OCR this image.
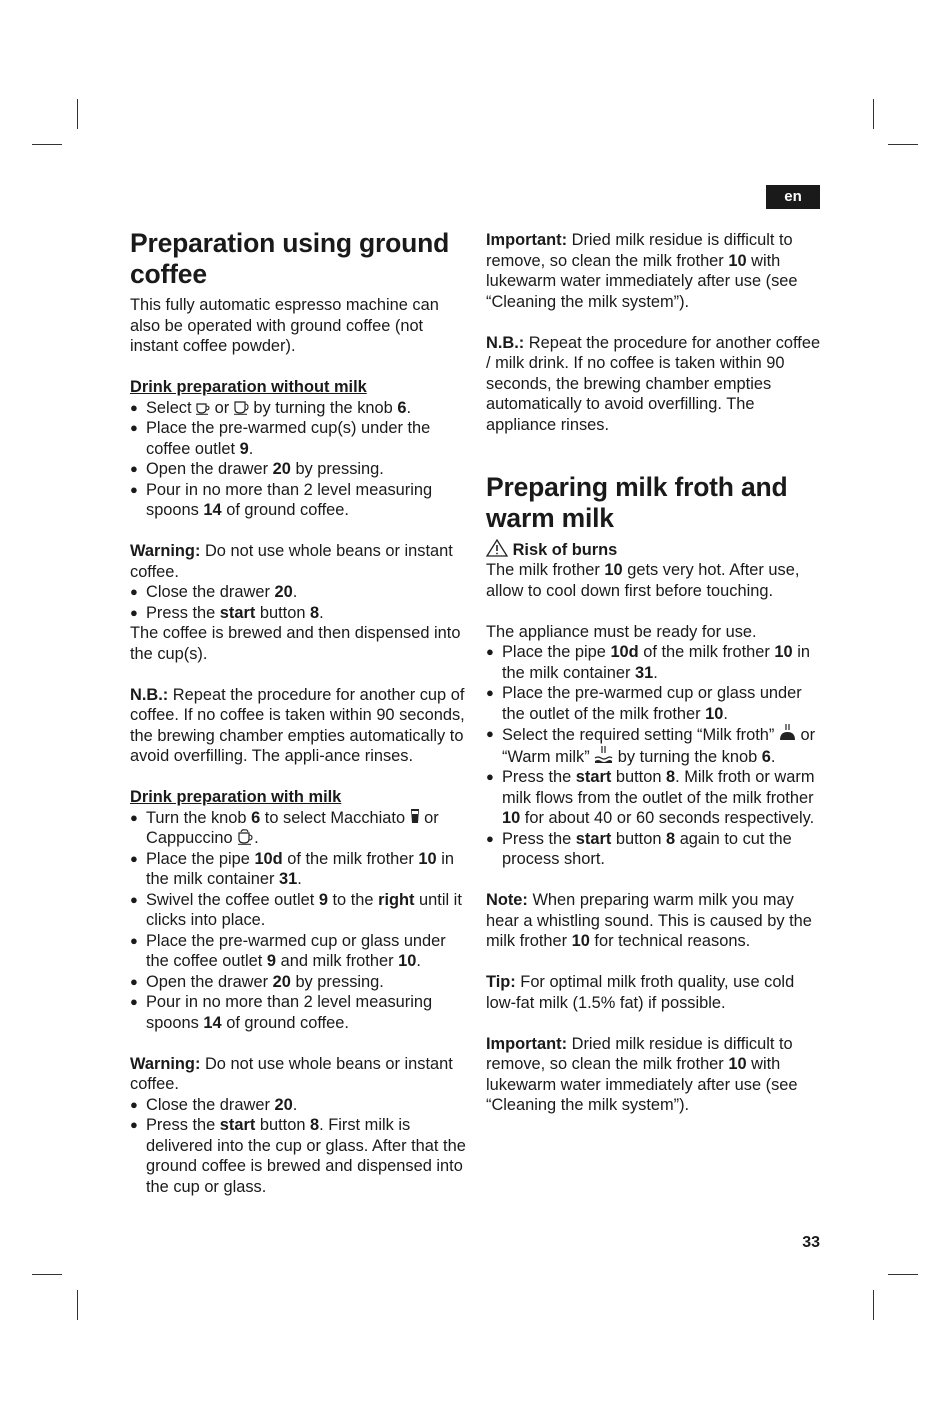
en
Preparation using ground coffee

This fully automatic espresso machine can also be operated with ground coffee (not instant coffee powder).

Drink preparation without milk

● Select  or  by turning the knob 6.
● Place the pre-warmed cup(s) under the coffee outlet 9.
● Open the drawer 20 by pressing.
● Pour in no more than 2 level measuring spoons 14 of ground coffee.

Warning: Do not use whole beans or instant coffee.

● Close the drawer 20.
● Press the start button 8.

The coffee is brewed and then dispensed into the cup(s).

N.B.: Repeat the procedure for another cup of coffee. If no coffee is taken within 90 seconds, the brewing chamber empties automatically to avoid overfilling. The appli-ance rinses.

Drink preparation with milk

● Turn the knob 6 to select Macchiato  or Cappuccino .
● Place the pipe 10d of the milk frother 10 in the milk container 31.
● Swivel the coffee outlet 9 to the right until it clicks into place.
● Place the pre-warmed cup or glass under the coffee outlet 9 and milk frother 10.
● Open the drawer 20 by pressing.
● Pour in no more than 2 level measuring spoons 14 of ground coffee.

Warning: Do not use whole beans or instant coffee.

● Close the drawer 20.
● Press the start button 8. First milk is delivered into the cup or glass. After that the ground coffee is brewed and dispensed into the cup or glass.

Important: Dried milk residue is difficult to remove, so clean the milk frother 10 with lukewarm water immediately after use (see “Cleaning the milk system”).

N.B.: Repeat the procedure for another coffee / milk drink. If no coffee is taken within 90 seconds, the brewing chamber empties automatically to avoid overfilling. The appliance rinses.

Preparing milk froth and warm milk

Risk of burns

The milk frother 10 gets very hot. After use, allow to cool down first before touching.

The appliance must be ready for use.

● Place the pipe 10d of the milk frother 10 in the milk container 31.
● Place the pre-warmed cup or glass under the outlet of the milk frother 10.
● Select the required setting “Milk froth”  or “Warm milk”  by turning the knob 6.
● Press the start button 8. Milk froth or warm milk flows from the outlet of the milk frother 10 for about 40 or 60 seconds respectively.
● Press the start button 8 again to cut the process short.

Note: When preparing warm milk you may hear a whistling sound. This is caused by the milk frother 10 for technical reasons.

Tip: For optimal milk froth quality, use cold low-fat milk (1.5% fat) if possible.

Important: Dried milk residue is difficult to remove, so clean the milk frother 10 with lukewarm water immediately after use (see “Cleaning the milk system”).

33
